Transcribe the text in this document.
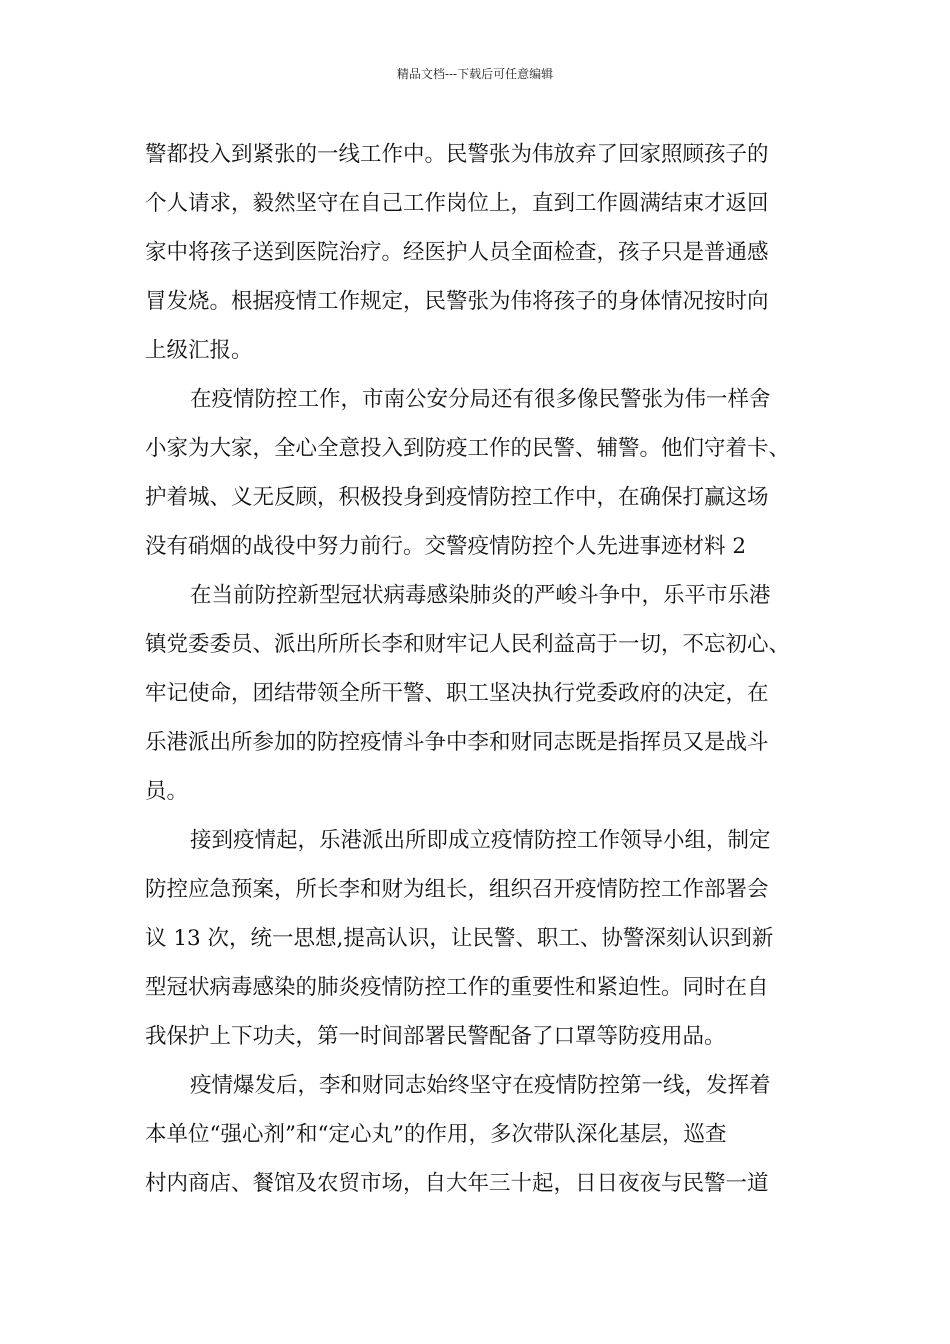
精品文档---下载后可任意编辑
警都投入到紧张的一线工作中。民警张为伟放弃了回家照顾孩子的
个人请求，毅然坚守在自己工作岗位上，直到工作圆满结束才返回
家中将孩子送到医院治疗。经医护人员全面检查，孩子只是普通感
冒发烧。根据疫情工作规定，民警张为伟将孩子的身体情况按时向
上级汇报。
在疫情防控工作，市南公安分局还有很多像民警张为伟一样舍
小家为大家，全心全意投入到防疫工作的民警、辅警。他们守着卡、
护着城、义无反顾，积极投身到疫情防控工作中，在确保打赢这场
没有硝烟的战役中努力前行。交警疫情防控个人先进事迹材料 2
在当前防控新型冠状病毒感染肺炎的严峻斗争中，乐平市乐港
镇党委委员、派出所所长李和财牢记人民利益高于一切，不忘初心、
牢记使命，团结带领全所干警、职工坚决执行党委政府的决定，在
乐港派出所参加的防控疫情斗争中李和财同志既是指挥员又是战斗
员。
接到疫情起，乐港派出所即成立疫情防控工作领导小组，制定
防控应急预案，所长李和财为组长，组织召开疫情防控工作部署会
议 13 次，统一思想,提高认识，让民警、职工、协警深刻认识到新
型冠状病毒感染的肺炎疫情防控工作的重要性和紧迫性。同时在自
我保护上下功夫，第一时间部署民警配备了口罩等防疫用品。
疫情爆发后，李和财同志始终坚守在疫情防控第一线，发挥着
本单位“强心剂”和“定心丸”的作用，多次带队深化基层，巡查
村内商店、餐馆及农贸市场，自大年三十起，日日夜夜与民警一道
